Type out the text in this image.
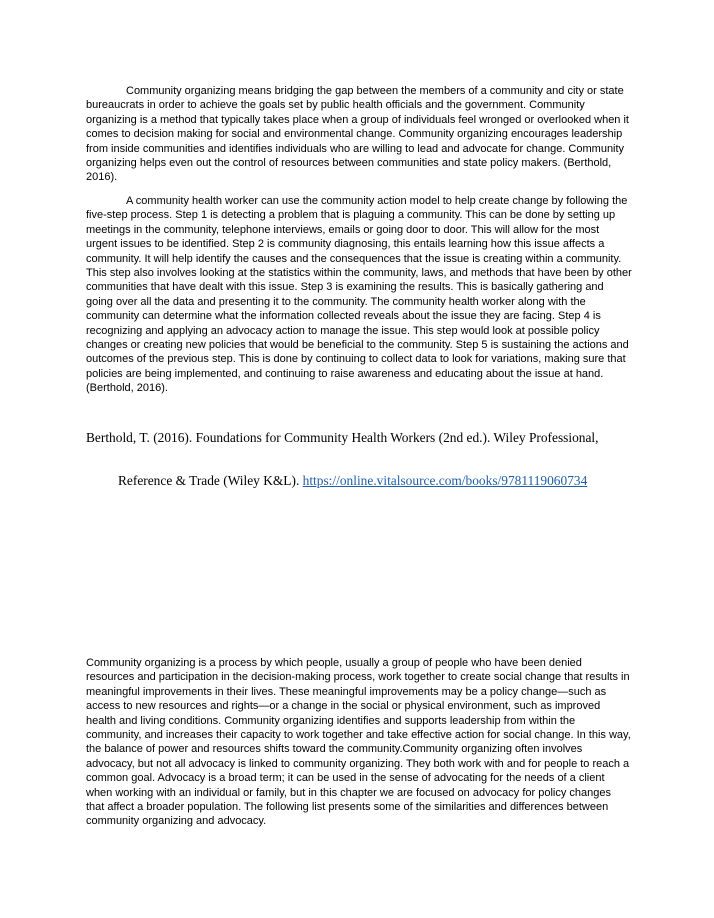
Community organizing means bridging the gap between the members of a community and city or state bureaucrats in order to achieve the goals set by public health officials and the government. Community organizing is a method that typically takes place when a group of individuals feel wronged or overlooked when it comes to decision making for social and environmental change. Community organizing encourages leadership from inside communities and identifies individuals who are willing to lead and advocate for change. Community organizing helps even out the control of resources between communities and state policy makers. (Berthold, 2016).

A community health worker can use the community action model to help create change by following the five-step process. Step 1 is detecting a problem that is plaguing a community. This can be done by setting up meetings in the community, telephone interviews, emails or going door to door. This will allow for the most urgent issues to be identified. Step 2 is community diagnosing, this entails learning how this issue affects a community. It will help identify the causes and the consequences that the issue is creating within a community. This step also involves looking at the statistics within the community, laws, and methods that have been by other communities that have dealt with this issue. Step 3 is examining the results. This is basically gathering and going over all the data and presenting it to the community. The community health worker along with the community can determine what the information collected reveals about the issue they are facing. Step 4 is recognizing and applying an advocacy action to manage the issue. This step would look at possible policy changes or creating new policies that would be beneficial to the community. Step 5 is sustaining the actions and outcomes of the previous step. This is done by continuing to collect data to look for variations, making sure that policies are being implemented, and continuing to raise awareness and educating about the issue at hand. (Berthold, 2016).

Berthold, T. (2016). Foundations for Community Health Workers (2nd ed.). Wiley Professional,

Reference & Trade (Wiley K&L). https://online.vitalsource.com/books/9781119060734

Community organizing is a process by which people, usually a group of people who have been denied resources and participation in the decision-making process, work together to create social change that results in meaningful improvements in their lives. These meaningful improvements may be a policy change—such as access to new resources and rights—or a change in the social or physical environment, such as improved health and living conditions. Community organizing identifies and supports leadership from within the community, and increases their capacity to work together and take effective action for social change. In this way, the balance of power and resources shifts toward the community.Community organizing often involves advocacy, but not all advocacy is linked to community organizing. They both work with and for people to reach a common goal. Advocacy is a broad term; it can be used in the sense of advocating for the needs of a client when working with an individual or family, but in this chapter we are focused on advocacy for policy changes that affect a broader population. The following list presents some of the similarities and differences between community organizing and advocacy.
